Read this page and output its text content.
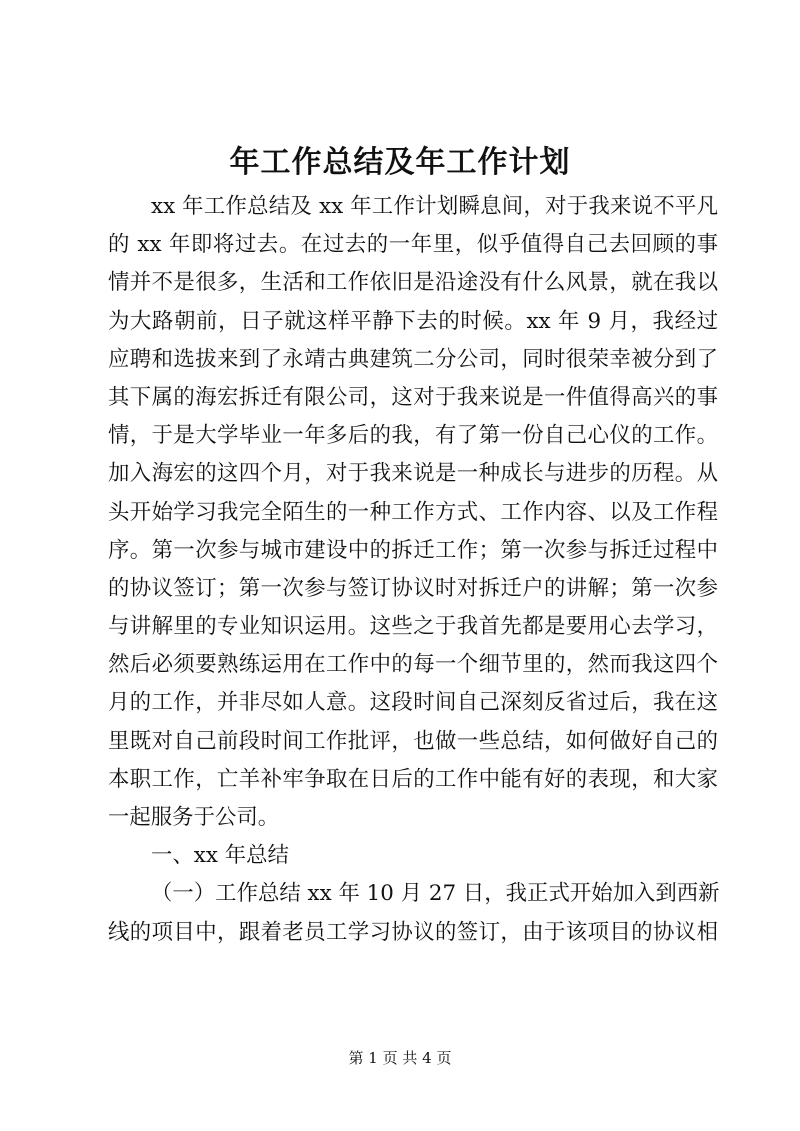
年工作总结及年工作计划
xx 年工作总结及 xx 年工作计划瞬息间，对于我来说不平凡
的 xx 年即将过去。在过去的一年里，似乎值得自己去回顾的事
情并不是很多，生活和工作依旧是沿途没有什么风景，就在我以
为大路朝前，日子就这样平静下去的时候。xx 年 9 月，我经过
应聘和选拔来到了永靖古典建筑二分公司，同时很荣幸被分到了
其下属的海宏拆迁有限公司，这对于我来说是一件值得高兴的事
情，于是大学毕业一年多后的我，有了第一份自己心仪的工作。
加入海宏的这四个月，对于我来说是一种成长与进步的历程。从
头开始学习我完全陌生的一种工作方式、工作内容、以及工作程
序。第一次参与城市建设中的拆迁工作；第一次参与拆迁过程中
的协议签订；第一次参与签订协议时对拆迁户的讲解；第一次参
与讲解里的专业知识运用。这些之于我首先都是要用心去学习，
然后必须要熟练运用在工作中的每一个细节里的，然而我这四个
月的工作，并非尽如人意。这段时间自己深刻反省过后，我在这
里既对自己前段时间工作批评，也做一些总结，如何做好自己的
本职工作，亡羊补牢争取在日后的工作中能有好的表现，和大家
一起服务于公司。
一、xx 年总结
（一）工作总结 xx 年 10 月 27 日，我正式开始加入到西新
线的项目中，跟着老员工学习协议的签订，由于该项目的协议相
第 1 页 共 4 页
